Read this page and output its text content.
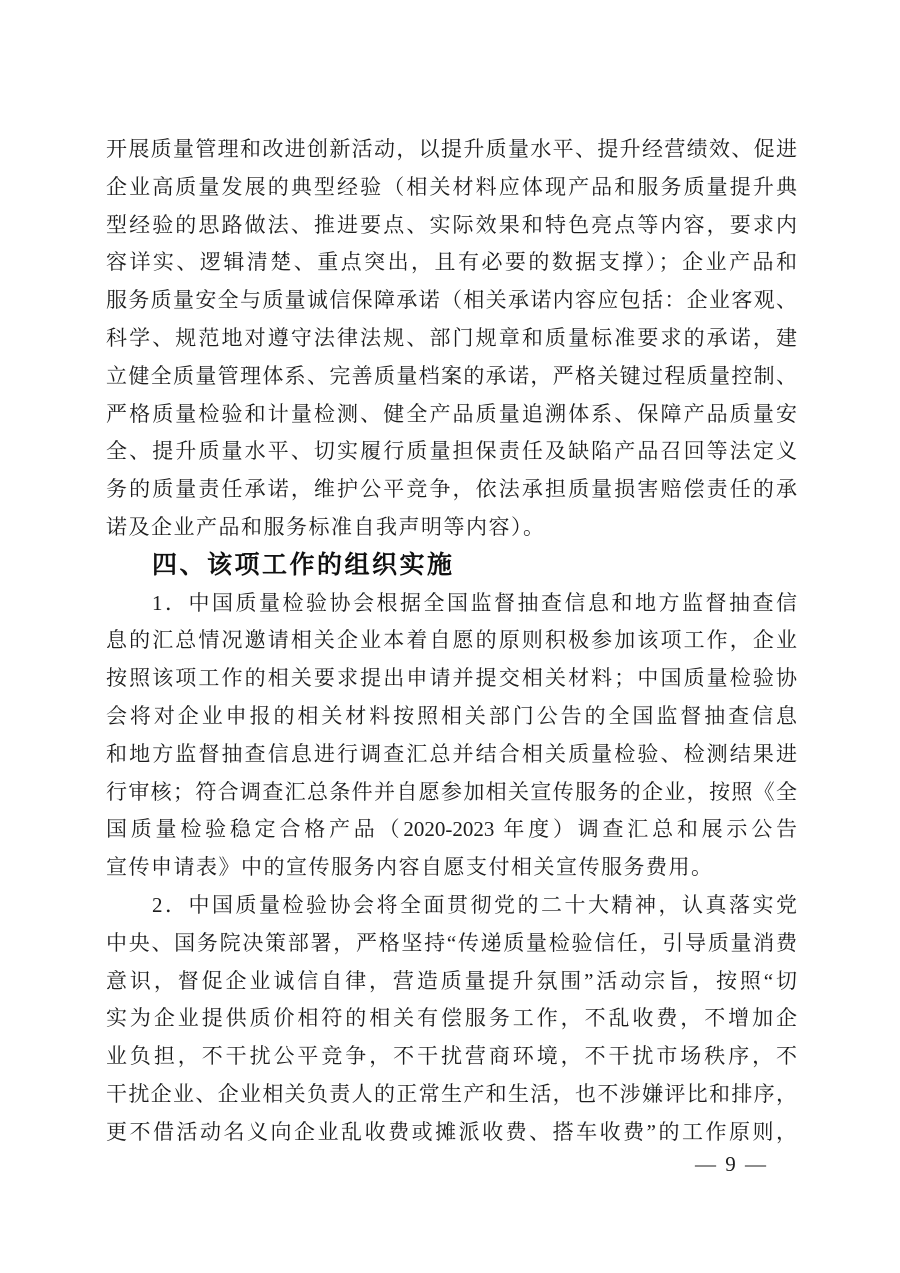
开展质量管理和改进创新活动，以提升质量水平、提升经营绩效、促进
企业高质量发展的典型经验（相关材料应体现产品和服务质量提升典
型经验的思路做法、推进要点、实际效果和特色亮点等内容，要求内
容详实、逻辑清楚、重点突出，且有必要的数据支撑）；企业产品和
服务质量安全与质量诚信保障承诺（相关承诺内容应包括：企业客观、
科学、规范地对遵守法律法规、部门规章和质量标准要求的承诺，建
立健全质量管理体系、完善质量档案的承诺，严格关键过程质量控制、
严格质量检验和计量检测、健全产品质量追溯体系、保障产品质量安
全、提升质量水平、切实履行质量担保责任及缺陷产品召回等法定义
务的质量责任承诺，维护公平竞争，依法承担质量损害赔偿责任的承
诺及企业产品和服务标准自我声明等内容）。
四、该项工作的组织实施
1．中国质量检验协会根据全国监督抽查信息和地方监督抽查信
息的汇总情况邀请相关企业本着自愿的原则积极参加该项工作，企业
按照该项工作的相关要求提出申请并提交相关材料；中国质量检验协
会将对企业申报的相关材料按照相关部门公告的全国监督抽查信息
和地方监督抽查信息进行调查汇总并结合相关质量检验、检测结果进
行审核；符合调查汇总条件并自愿参加相关宣传服务的企业，按照《全
国质量检验稳定合格产品（2020-2023 年度）调查汇总和展示公告
宣传申请表》中的宣传服务内容自愿支付相关宣传服务费用。
2．中国质量检验协会将全面贯彻党的二十大精神，认真落实党
中央、国务院决策部署，严格坚持“传递质量检验信任，引导质量消费
意识，督促企业诚信自律，营造质量提升氛围”活动宗旨，按照“切
实为企业提供质价相符的相关有偿服务工作，不乱收费，不增加企
业负担，不干扰公平竞争，不干扰营商环境，不干扰市场秩序，不
干扰企业、企业相关负责人的正常生产和生活，也不涉嫌评比和排序，
更不借活动名义向企业乱收费或摊派收费、搭车收费”的工作原则，
— 9 —
